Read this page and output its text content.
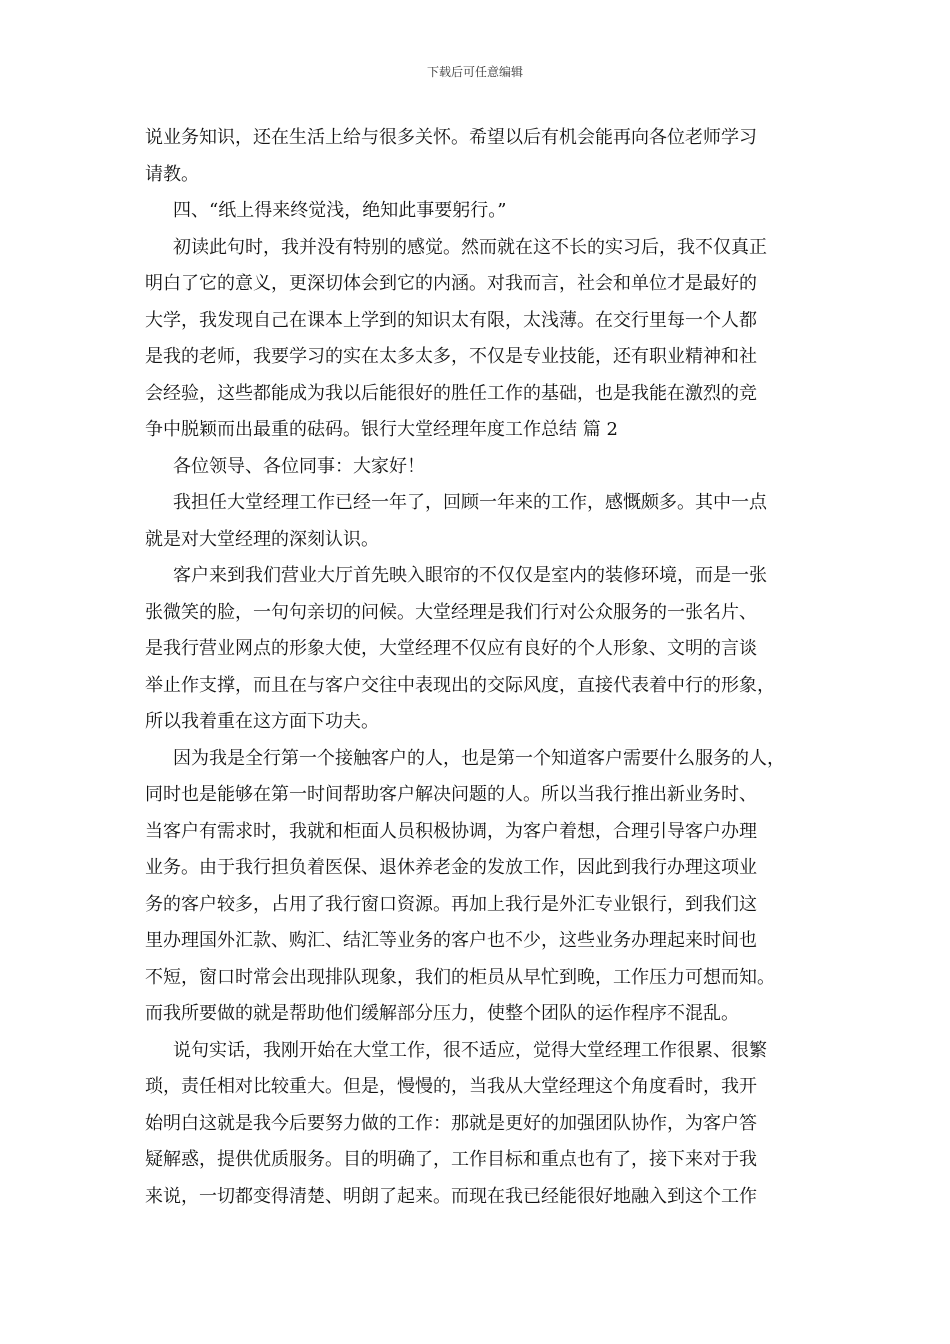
下载后可任意编辑
说业务知识，还在生活上给与很多关怀。希望以后有机会能再向各位老师学习
请教。
四、“纸上得来终觉浅，绝知此事要躬行。”
初读此句时，我并没有特别的感觉。然而就在这不长的实习后，我不仅真正
明白了它的意义，更深切体会到它的内涵。对我而言，社会和单位才是最好的
大学，我发现自己在课本上学到的知识太有限，太浅薄。在交行里每一个人都
是我的老师，我要学习的实在太多太多，不仅是专业技能，还有职业精神和社
会经验，这些都能成为我以后能很好的胜任工作的基础，也是我能在激烈的竞
争中脱颖而出最重的砝码。银行大堂经理年度工作总结 篇 2
各位领导、各位同事：大家好！
我担任大堂经理工作已经一年了，回顾一年来的工作，感慨颇多。其中一点
就是对大堂经理的深刻认识。
客户来到我们营业大厅首先映入眼帘的不仅仅是室内的装修环境，而是一张
张微笑的脸，一句句亲切的问候。大堂经理是我们行对公众服务的一张名片、
是我行营业网点的形象大使，大堂经理不仅应有良好的个人形象、文明的言谈
举止作支撑，而且在与客户交往中表现出的交际风度，直接代表着中行的形象，
所以我着重在这方面下功夫。
因为我是全行第一个接触客户的人，也是第一个知道客户需要什么服务的人，
同时也是能够在第一时间帮助客户解决问题的人。所以当我行推出新业务时、
当客户有需求时，我就和柜面人员积极协调，为客户着想，合理引导客户办理
业务。由于我行担负着医保、退休养老金的发放工作，因此到我行办理这项业
务的客户较多，占用了我行窗口资源。再加上我行是外汇专业银行，到我们这
里办理国外汇款、购汇、结汇等业务的客户也不少，这些业务办理起来时间也
不短，窗口时常会出现排队现象，我们的柜员从早忙到晚，工作压力可想而知。
而我所要做的就是帮助他们缓解部分压力，使整个团队的运作程序不混乱。
说句实话，我刚开始在大堂工作，很不适应，觉得大堂经理工作很累、很繁
琐，责任相对比较重大。但是，慢慢的，当我从大堂经理这个角度看时，我开
始明白这就是我今后要努力做的工作：那就是更好的加强团队协作，为客户答
疑解惑，提供优质服务。目的明确了，工作目标和重点也有了，接下来对于我
来说，一切都变得清楚、明朗了起来。而现在我已经能很好地融入到这个工作
